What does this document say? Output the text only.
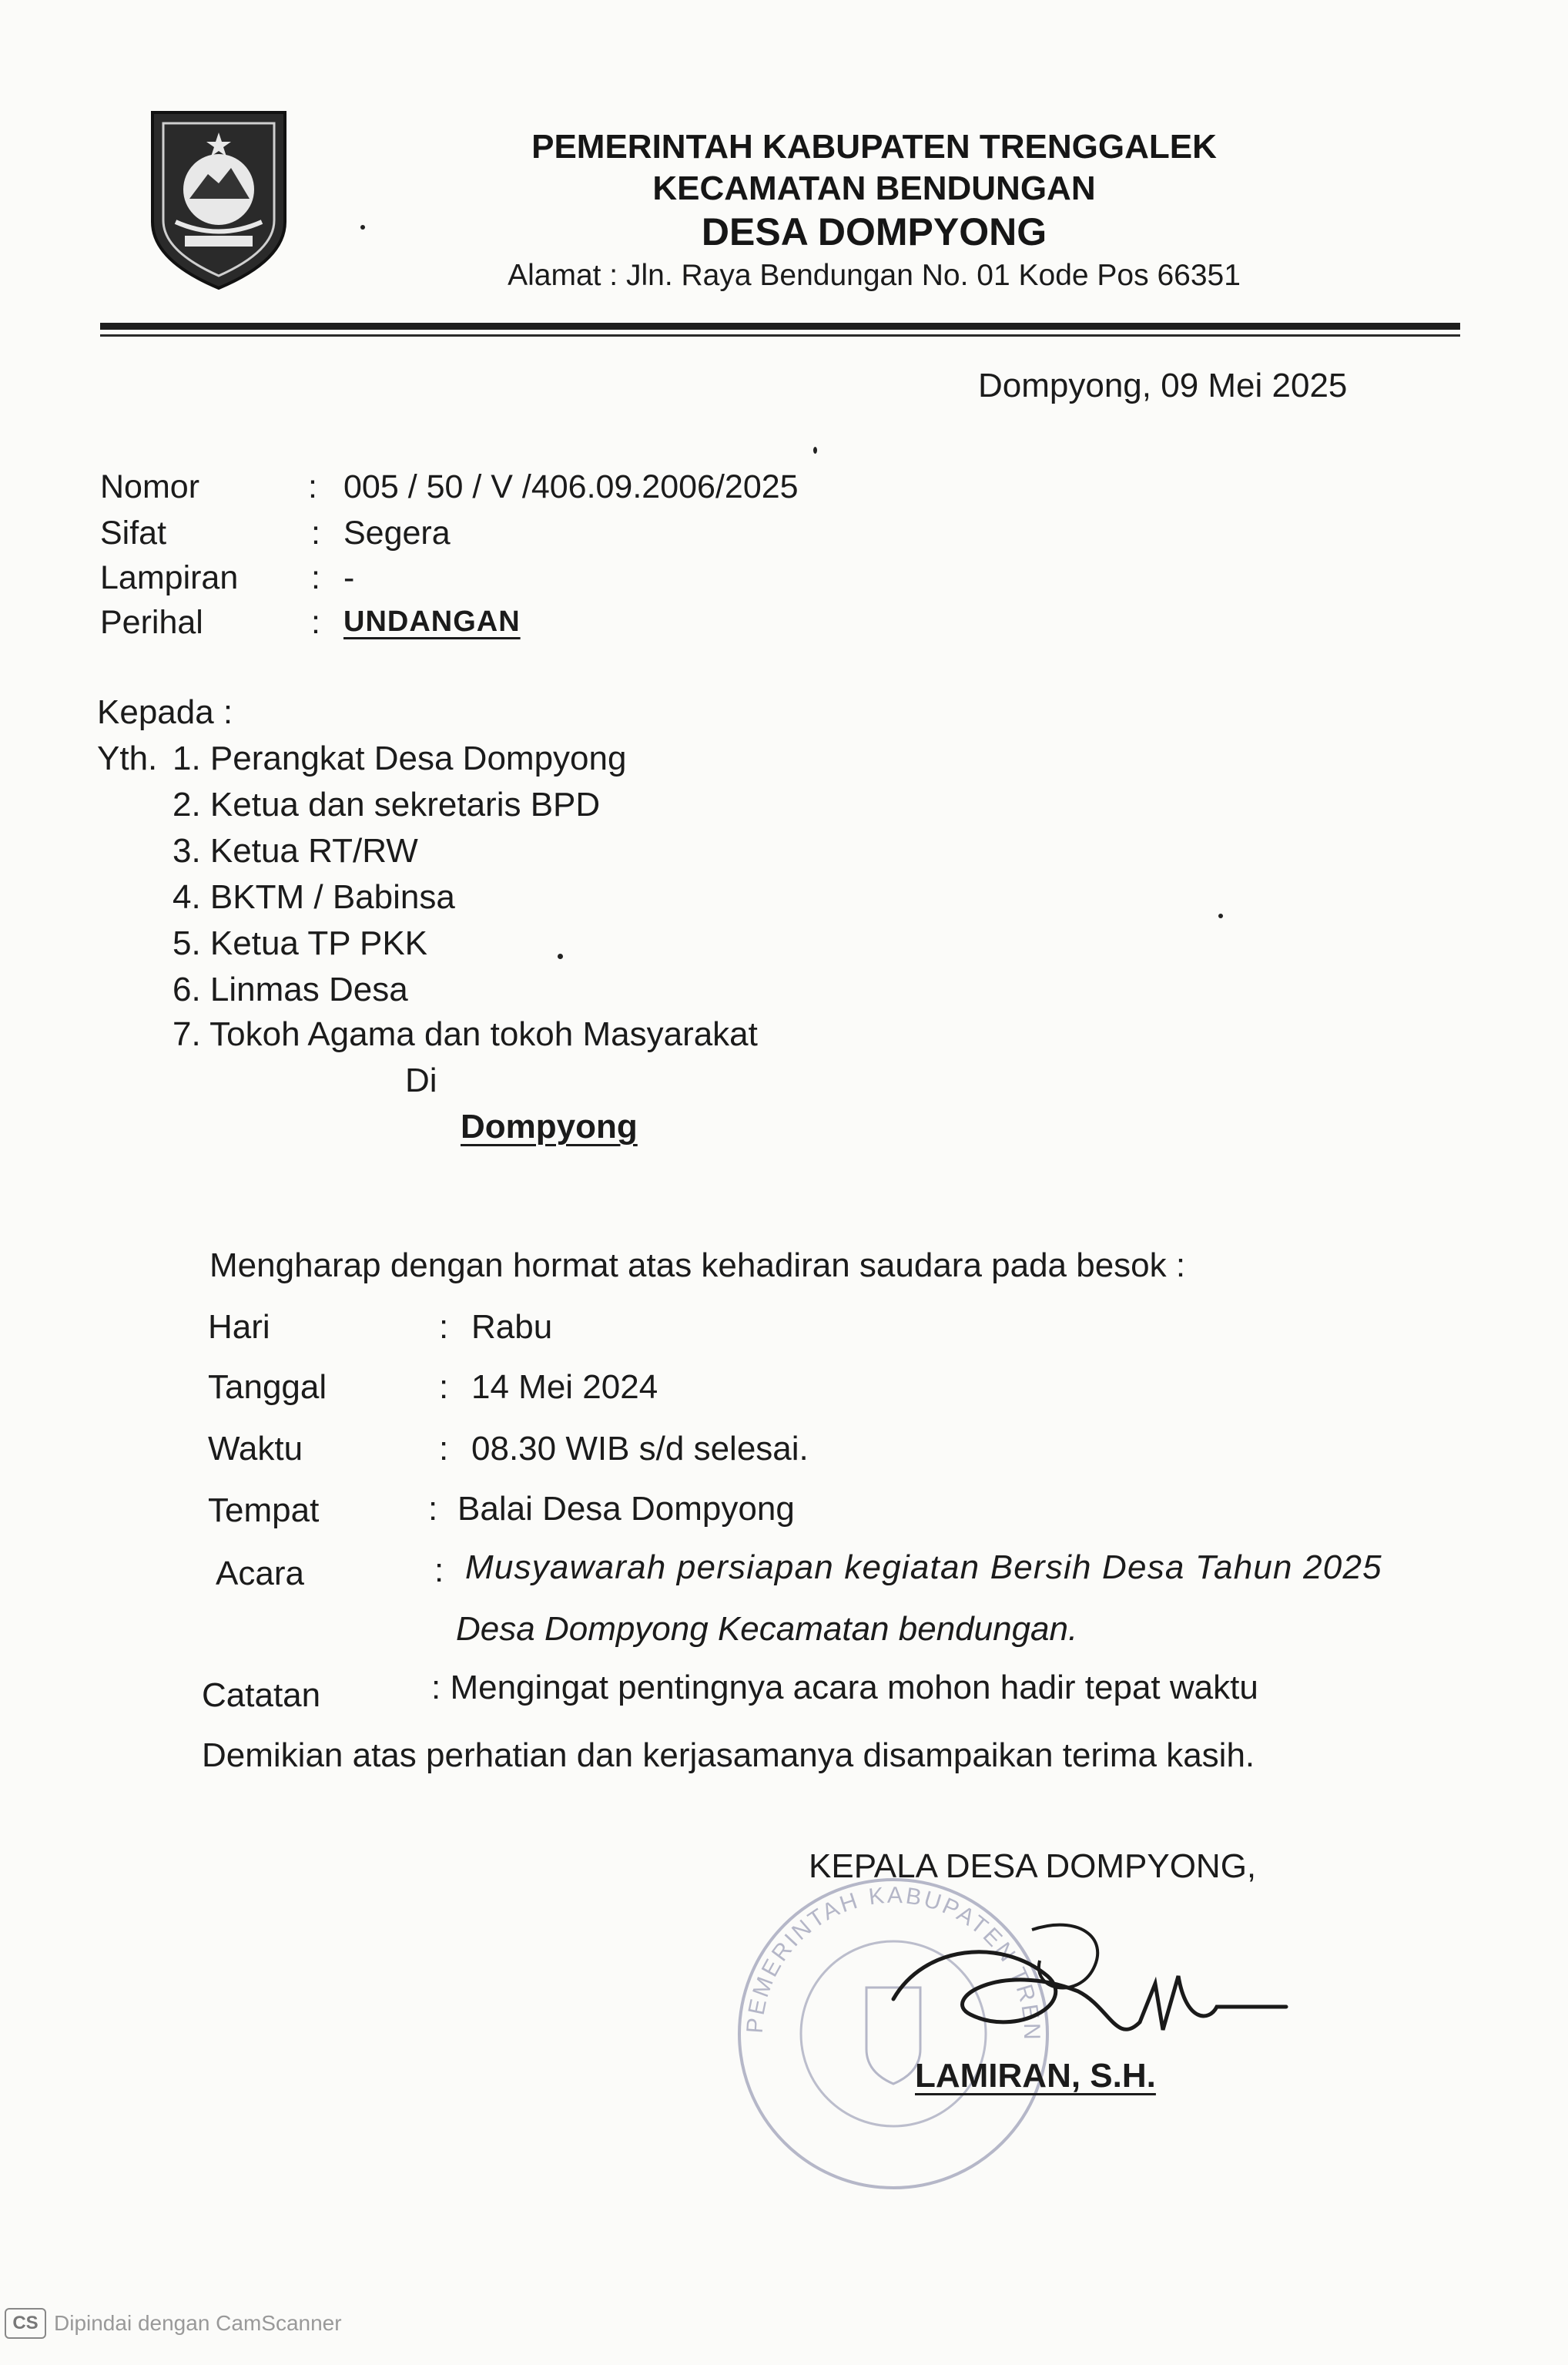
PEMERINTAH KABUPATEN TRENGGALEK
KECAMATAN BENDUNGAN
DESA DOMPYONG
Alamat : Jln. Raya Bendungan No. 01 Kode Pos 66351
Dompyong, 09 Mei 2025
Nomor	: 005 / 50 / V /406.09.2006/2025
Sifat	: Segera
Lampiran : -
Perihal	: UNDANGAN
Kepada :
Yth. 1. Perangkat Desa Dompyong
2. Ketua dan sekretaris BPD
3. Ketua RT/RW
4. BKTM / Babinsa
5. Ketua TP PKK
6. Linmas Desa
7. Tokoh Agama dan tokoh Masyarakat
Di
Dompyong
Mengharap dengan hormat atas kehadiran saudara pada besok :
Hari	: Rabu
Tanggal	: 14 Mei 2024
Waktu	: 08.30 WIB s/d selesai.
Tempat	: Balai Desa Dompyong
Acara	: Musyawarah persiapan kegiatan Bersih Desa Tahun 2025
Desa Dompyong Kecamatan bendungan.
Catatan	: Mengingat pentingnya acara mohon hadir tepat waktu
Demikian atas perhatian dan kerjasamanya disampaikan terima kasih.
PEMERINTAH KABUPATEN TREN
KEPALA DESA DOMPYONG,
LAMIRAN, S.H.
CS Dipindai dengan CamScanner
